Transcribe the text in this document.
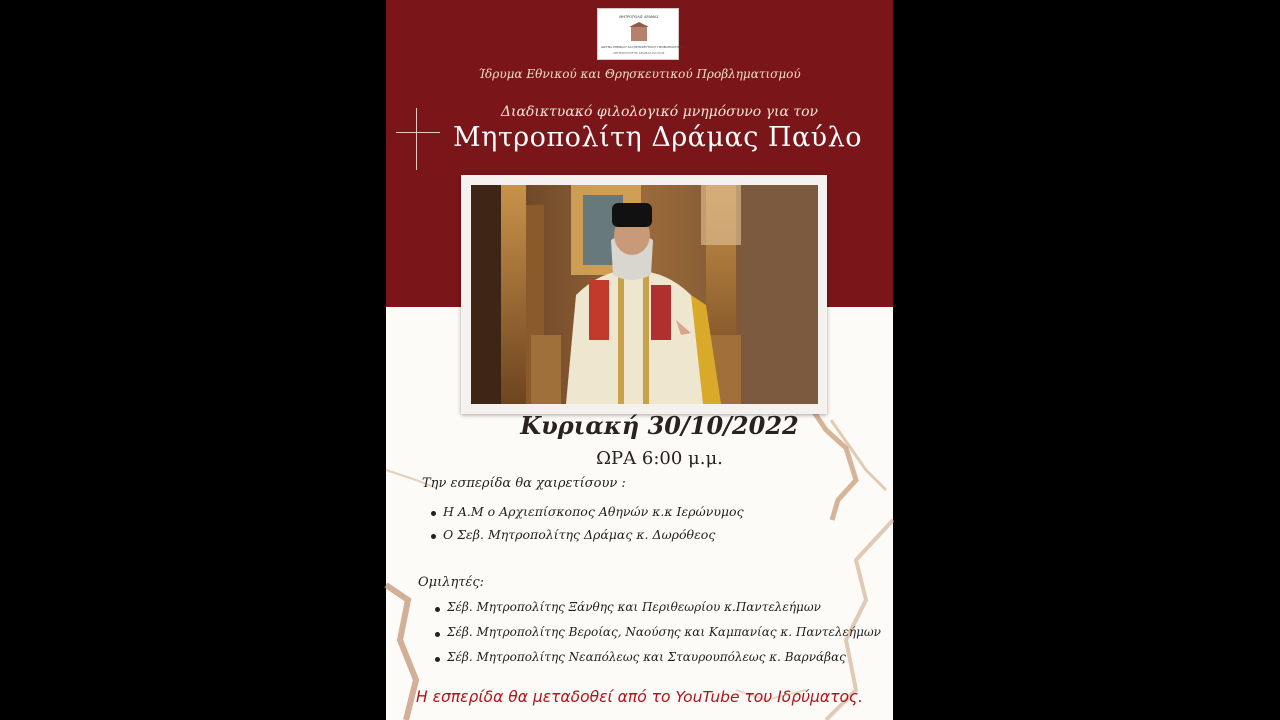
ΜΗΤΡΟΠΟΛΙΣ ΔΡΑΜΑΣ
ΙΔΡΥΜΑ ΕΘΝΙΚΟΥ ΚΑΙ ΘΡΗΣΚΕΥΤΙΚΟΥ ΠΡΟΒΛΗΜΑΤΙΣΜΟΥ
ΜΗΤΡΟΠΟΛΙΤΗΣ ΔΡΑΜΑΣ ΠΑΥΛΟΣ
Ίδρυμα Εθνικού και Θρησκευτικού Προβληματισμού
Διαδικτυακό φιλολογικό μνημόσυνο για τον
Μητροπολίτη Δράμας Παύλο
Κυριακή 30/10/2022
ΩΡΑ 6:00 μ.μ.
Την εσπερίδα θα χαιρετίσουν :
Η Α.Μ ο Αρχιεπίσκοπος Αθηνών κ.κ Ιερώνυμος
Ο Σεβ. Μητροπολίτης Δράμας κ. Δωρόθεος
Ομιλητές:
Σέβ. Μητροπολίτης Ξάνθης και Περιθεωρίου κ.Παντελεήμων
Σέβ. Μητροπολίτης Βεροίας, Ναούσης και Καμπανίας κ. Παντελεήμων
Σέβ. Μητροπολίτης Νεαπόλεως και Σταυρουπόλεως κ. Βαρνάβας
Η εσπερίδα θα μεταδοθεί από το YouTube του Ιδρύματος.
